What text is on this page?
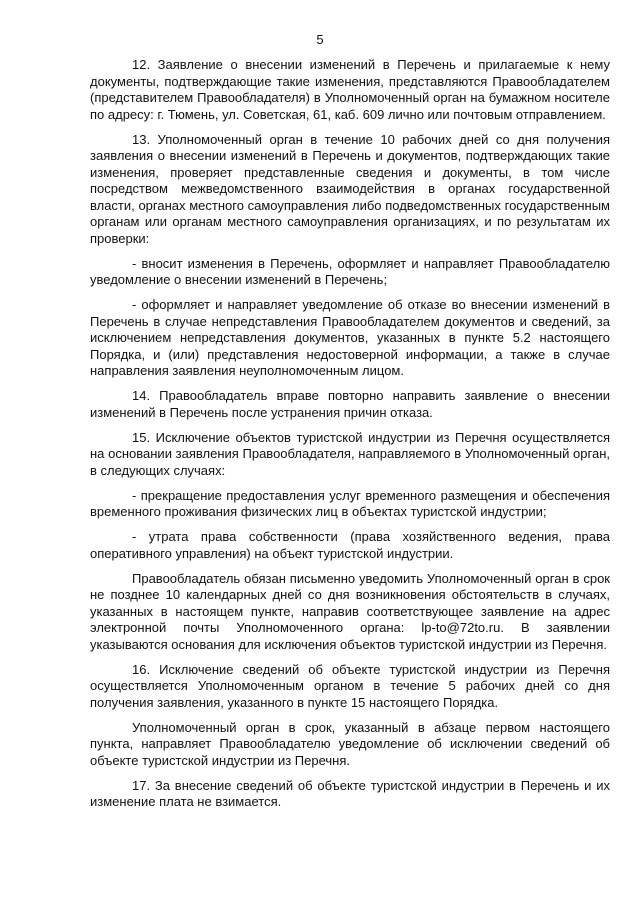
5

12. Заявление о внесении изменений в Перечень и прилагаемые к нему документы, подтверждающие такие изменения, представляются Правообладателем (представителем Правообладателя) в Уполномоченный орган на бумажном носителе по адресу: г. Тюмень, ул. Советская, 61, каб. 609 лично или почтовым отправлением.

13. Уполномоченный орган в течение 10 рабочих дней со дня получения заявления о внесении изменений в Перечень и документов, подтверждающих такие изменения, проверяет представленные сведения и документы, в том числе посредством межведомственного взаимодействия в органах государственной власти, органах местного самоуправления либо подведомственных государственным органам или органам местного самоуправления организациях, и по результатам их проверки:

- вносит изменения в Перечень, оформляет и направляет Правообладателю уведомление о внесении изменений в Перечень;

- оформляет и направляет уведомление об отказе во внесении изменений в Перечень в случае непредставления Правообладателем документов и сведений, за исключением непредставления документов, указанных в пункте 5.2 настоящего Порядка, и (или) представления недостоверной информации, а также в случае направления заявления неуполномоченным лицом.

14. Правообладатель вправе повторно направить заявление о внесении изменений в Перечень после устранения причин отказа.

15. Исключение объектов туристской индустрии из Перечня осуществляется на основании заявления Правообладателя, направляемого в Уполномоченный орган, в следующих случаях:

- прекращение предоставления услуг временного размещения и обеспечения временного проживания физических лиц в объектах туристской индустрии;

- утрата права собственности (права хозяйственного ведения, права оперативного управления) на объект туристской индустрии.

Правообладатель обязан письменно уведомить Уполномоченный орган в срок не позднее 10 календарных дней со дня возникновения обстоятельств в случаях, указанных в настоящем пункте, направив соответствующее заявление на адрес электронной почты Уполномоченного органа: lp-to@72to.ru. В заявлении указываются основания для исключения объектов туристской индустрии из Перечня.

16. Исключение сведений об объекте туристской индустрии из Перечня осуществляется Уполномоченным органом в течение 5 рабочих дней со дня получения заявления, указанного в пункте 15 настоящего Порядка.

Уполномоченный орган в срок, указанный в абзаце первом настоящего пункта, направляет Правообладателю уведомление об исключении сведений об объекте туристской индустрии из Перечня.

17. За внесение сведений об объекте туристской индустрии в Перечень и их изменение плата не взимается.
